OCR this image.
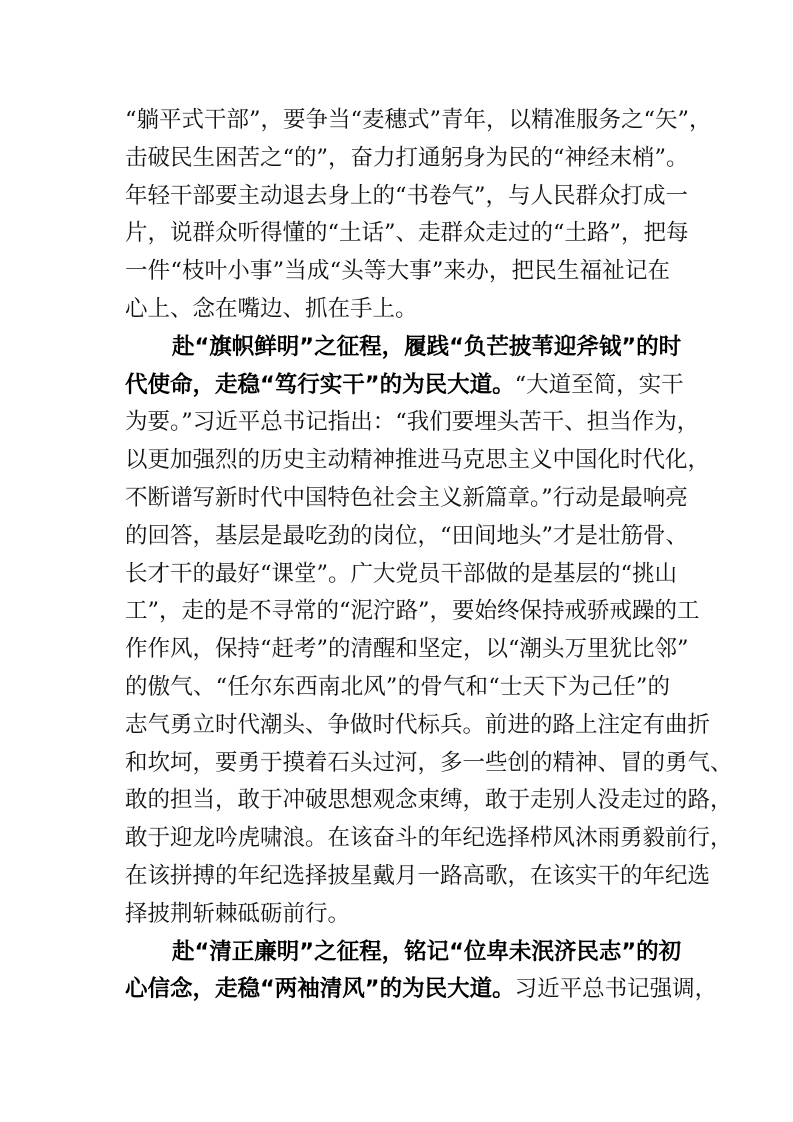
“躺平式干部”，要争当“麦穗式”青年，以精准服务之“矢”，
击破民生困苦之“的”，奋力打通躬身为民的“神经末梢”。
年轻干部要主动退去身上的“书卷气”，与人民群众打成一
片，说群众听得懂的“土话”、走群众走过的“土路”，把每
一件“枝叶小事”当成“头等大事”来办，把民生福祉记在
心上、念在嘴边、抓在手上。
赴“旗帜鲜明”之征程，履践“负芒披苇迎斧钺”的时
代使命，走稳“笃行实干”的为民大道。“大道至简，实干
为要。”习近平总书记指出：“我们要埋头苦干、担当作为，
以更加强烈的历史主动精神推进马克思主义中国化时代化，
不断谱写新时代中国特色社会主义新篇章。”行动是最响亮
的回答，基层是最吃劲的岗位，“田间地头”才是壮筋骨、
长才干的最好“课堂”。广大党员干部做的是基层的“挑山
工”，走的是不寻常的“泥泞路”，要始终保持戒骄戒躁的工
作作风，保持“赶考”的清醒和坚定，以“潮头万里犹比邻”
的傲气、“任尔东西南北风”的骨气和“士天下为己任”的
志气勇立时代潮头、争做时代标兵。前进的路上注定有曲折
和坎坷，要勇于摸着石头过河，多一些创的精神、冒的勇气、
敢的担当，敢于冲破思想观念束缚，敢于走别人没走过的路，
敢于迎龙吟虎啸浪。在该奋斗的年纪选择栉风沐雨勇毅前行，
在该拼搏的年纪选择披星戴月一路高歌，在该实干的年纪选
择披荆斩棘砥砺前行。
赴“清正廉明”之征程，铭记“位卑未泯济民志”的初
心信念，走稳“两袖清风”的为民大道。习近平总书记强调，
